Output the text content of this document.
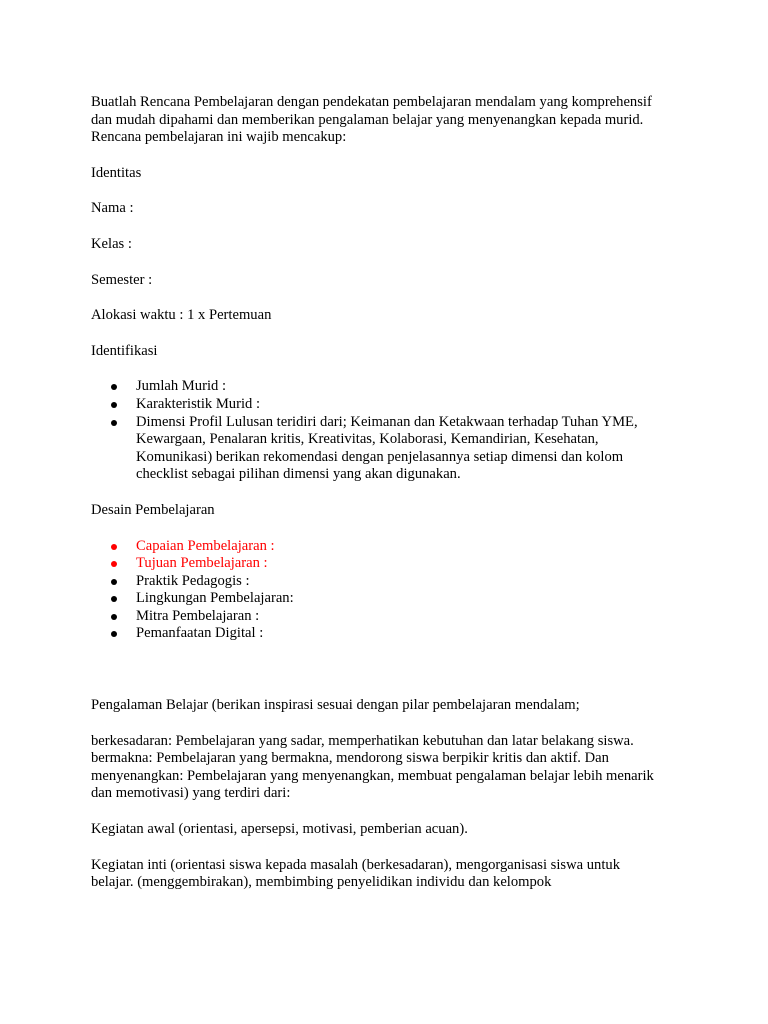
Buatlah Rencana Pembelajaran dengan pendekatan pembelajaran mendalam yang komprehensif
dan mudah dipahami dan memberikan pengalaman belajar yang menyenangkan kepada murid.
Rencana pembelajaran ini wajib mencakup:

Identitas

Nama :

Kelas :

Semester :

Alokasi waktu : 1 x Pertemuan

Identifikasi

Jumlah Murid :
Karakteristik Murid :
Dimensi Profil Lulusan teridiri dari; Keimanan dan Ketakwaan terhadap Tuhan YME,
Kewargaan, Penalaran kritis, Kreativitas, Kolaborasi, Kemandirian, Kesehatan,
Komunikasi) berikan rekomendasi dengan penjelasannya setiap dimensi dan kolom
checklist sebagai pilihan dimensi yang akan digunakan.

Desain Pembelajaran

Capaian Pembelajaran :
Tujuan Pembelajaran :
Praktik Pedagogis :
Lingkungan Pembelajaran:
Mitra Pembelajaran :
Pemanfaatan Digital :

Pengalaman Belajar (berikan inspirasi sesuai dengan pilar pembelajaran mendalam;

berkesadaran: Pembelajaran yang sadar, memperhatikan kebutuhan dan latar belakang siswa.
bermakna: Pembelajaran yang bermakna, mendorong siswa berpikir kritis dan aktif. Dan
menyenangkan: Pembelajaran yang menyenangkan, membuat pengalaman belajar lebih menarik
dan memotivasi) yang terdiri dari:

Kegiatan awal (orientasi, apersepsi, motivasi, pemberian acuan).

Kegiatan inti (orientasi siswa kepada masalah (berkesadaran), mengorganisasi siswa untuk
belajar. (menggembirakan), membimbing penyelidikan individu dan kelompok
